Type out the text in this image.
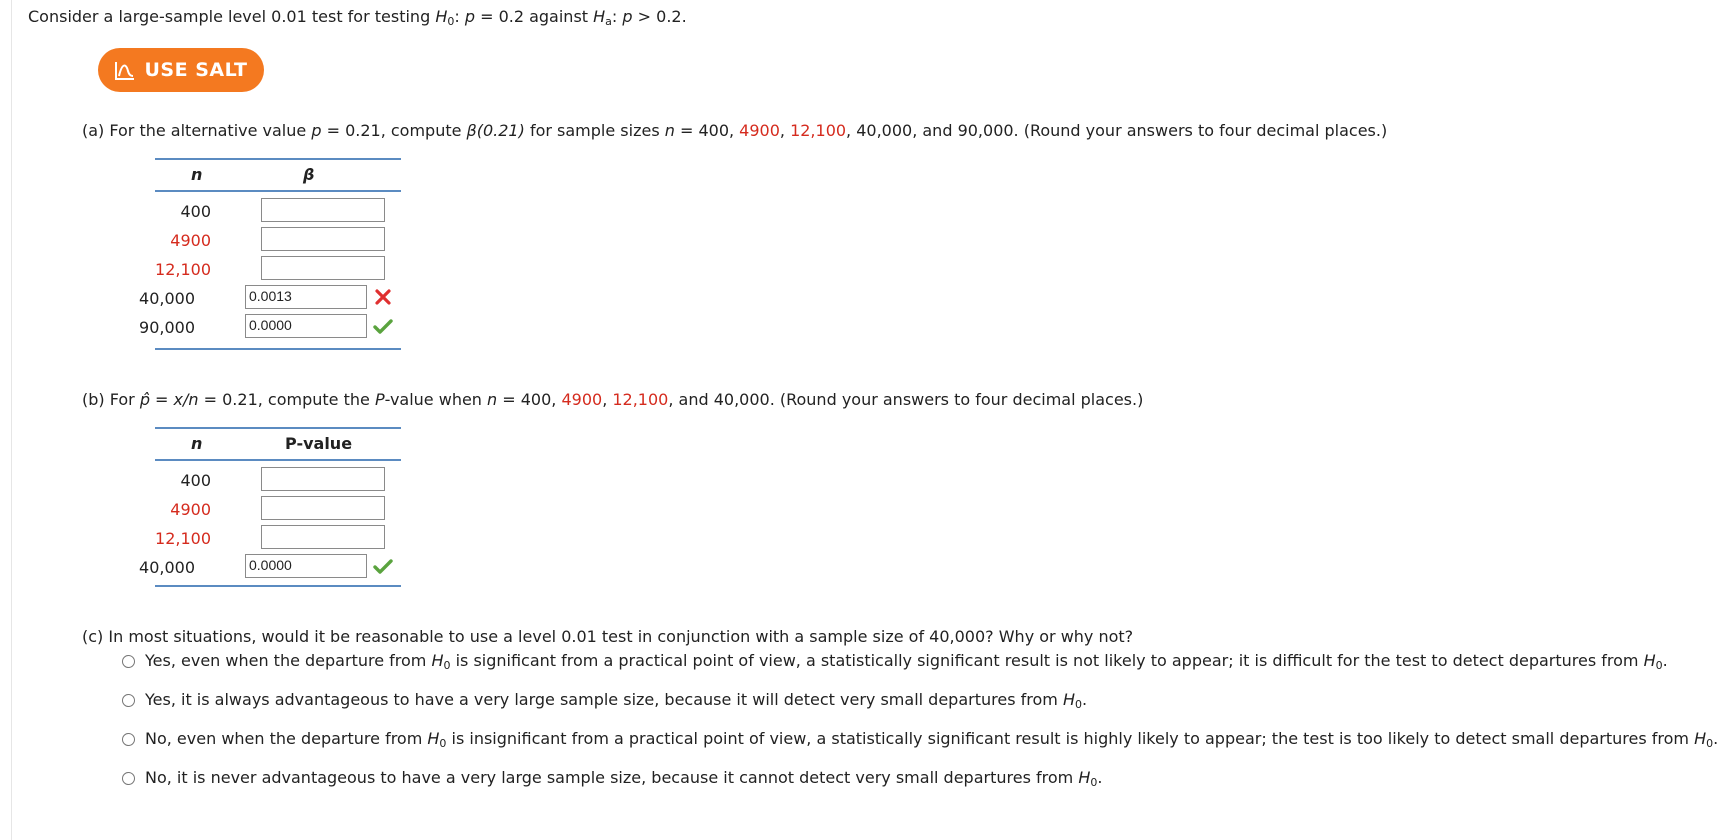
Consider a large-sample level 0.01 test for testing $H_0$: p = 0.2 against $H_a$: p > 0.2.
USE SALT
(a) For the alternative value p = 0.21, compute β(0.21) for sample sizes n = 400, 4900, 12,100, 40,000, and 90,000. (Round your answers to four decimal places.)
n	β
400
4900
12,100
40,000	0.0013
90,000	0.0000
(b) For p̂ = x/n = 0.21, compute the P-value when n = 400, 4900, 12,100, and 40,000. (Round your answers to four decimal places.)
n	P-value
400
4900
12,100
40,000	0.0000
(c) In most situations, would it be reasonable to use a level 0.01 test in conjunction with a sample size of 40,000? Why or why not?
Yes, even when the departure from $H_0$ is significant from a practical point of view, a statistically significant result is not likely to appear; it is difficult for the test to detect departures from $H_0$.
Yes, it is always advantageous to have a very large sample size, because it will detect very small departures from $H_0$.
No, even when the departure from $H_0$ is insignificant from a practical point of view, a statistically significant result is highly likely to appear; the test is too likely to detect small departures from $H_0$.
No, it is never advantageous to have a very large sample size, because it cannot detect very small departures from $H_0$.
